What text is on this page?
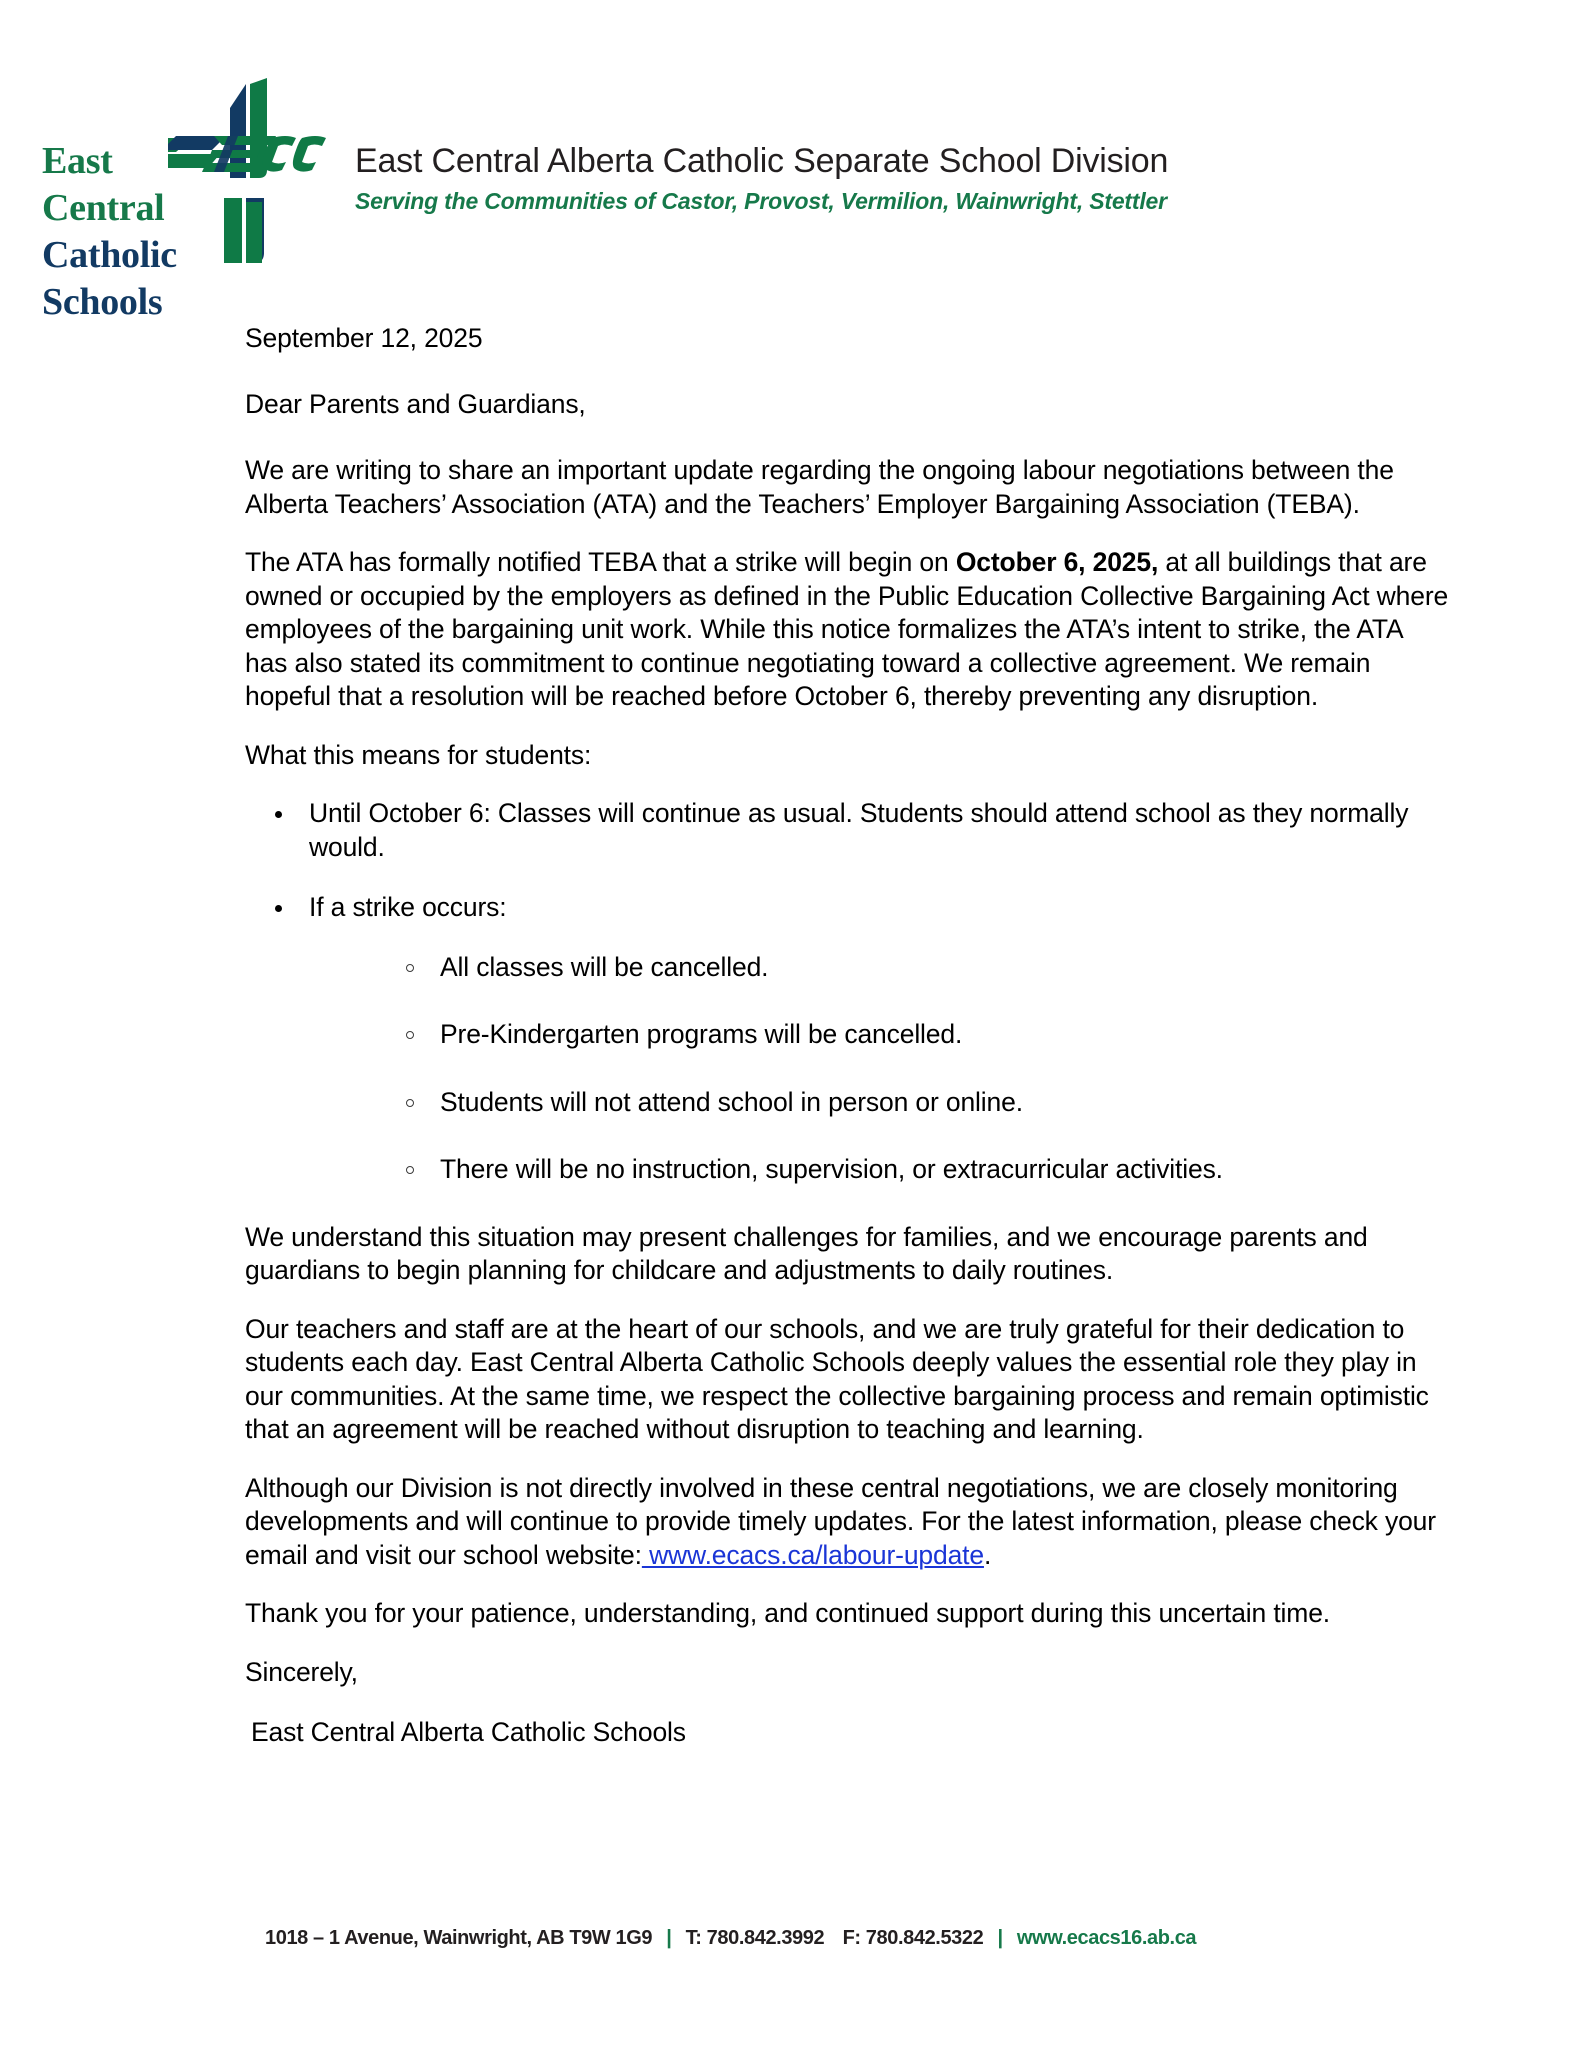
East
Central
Catholic
Schools
East Central Alberta Catholic Separate School Division
Serving the Communities of Castor, Provost, Vermilion, Wainwright, Stettler

September 12, 2025

Dear Parents and Guardians,

We are writing to share an important update regarding the ongoing labour negotiations between the Alberta Teachers’ Association (ATA) and the Teachers’ Employer Bargaining Association (TEBA).

The ATA has formally notified TEBA that a strike will begin on October 6, 2025, at all buildings that are owned or occupied by the employers as defined in the Public Education Collective Bargaining Act where employees of the bargaining unit work. While this notice formalizes the ATA’s intent to strike, the ATA has also stated its commitment to continue negotiating toward a collective agreement. We remain hopeful that a resolution will be reached before October 6, thereby preventing any disruption.

What this means for students:

Until October 6: Classes will continue as usual. Students should attend school as they normally would.
If a strike occurs:
All classes will be cancelled.
Pre-Kindergarten programs will be cancelled.
Students will not attend school in person or online.
There will be no instruction, supervision, or extracurricular activities.

We understand this situation may present challenges for families, and we encourage parents and guardians to begin planning for childcare and adjustments to daily routines.

Our teachers and staff are at the heart of our schools, and we are truly grateful for their dedication to students each day. East Central Alberta Catholic Schools deeply values the essential role they play in our communities. At the same time, we respect the collective bargaining process and remain optimistic that an agreement will be reached without disruption to teaching and learning.

Although our Division is not directly involved in these central negotiations, we are closely monitoring developments and will continue to provide timely updates. For the latest information, please check your email and visit our school website: www.ecacs.ca/labour-update.

Thank you for your patience, understanding, and continued support during this uncertain time.

Sincerely,

East Central Alberta Catholic Schools

1018 – 1 Avenue, Wainwright, AB T9W 1G9 | T: 780.842.3992 F: 780.842.5322 | www.ecacs16.ab.ca
